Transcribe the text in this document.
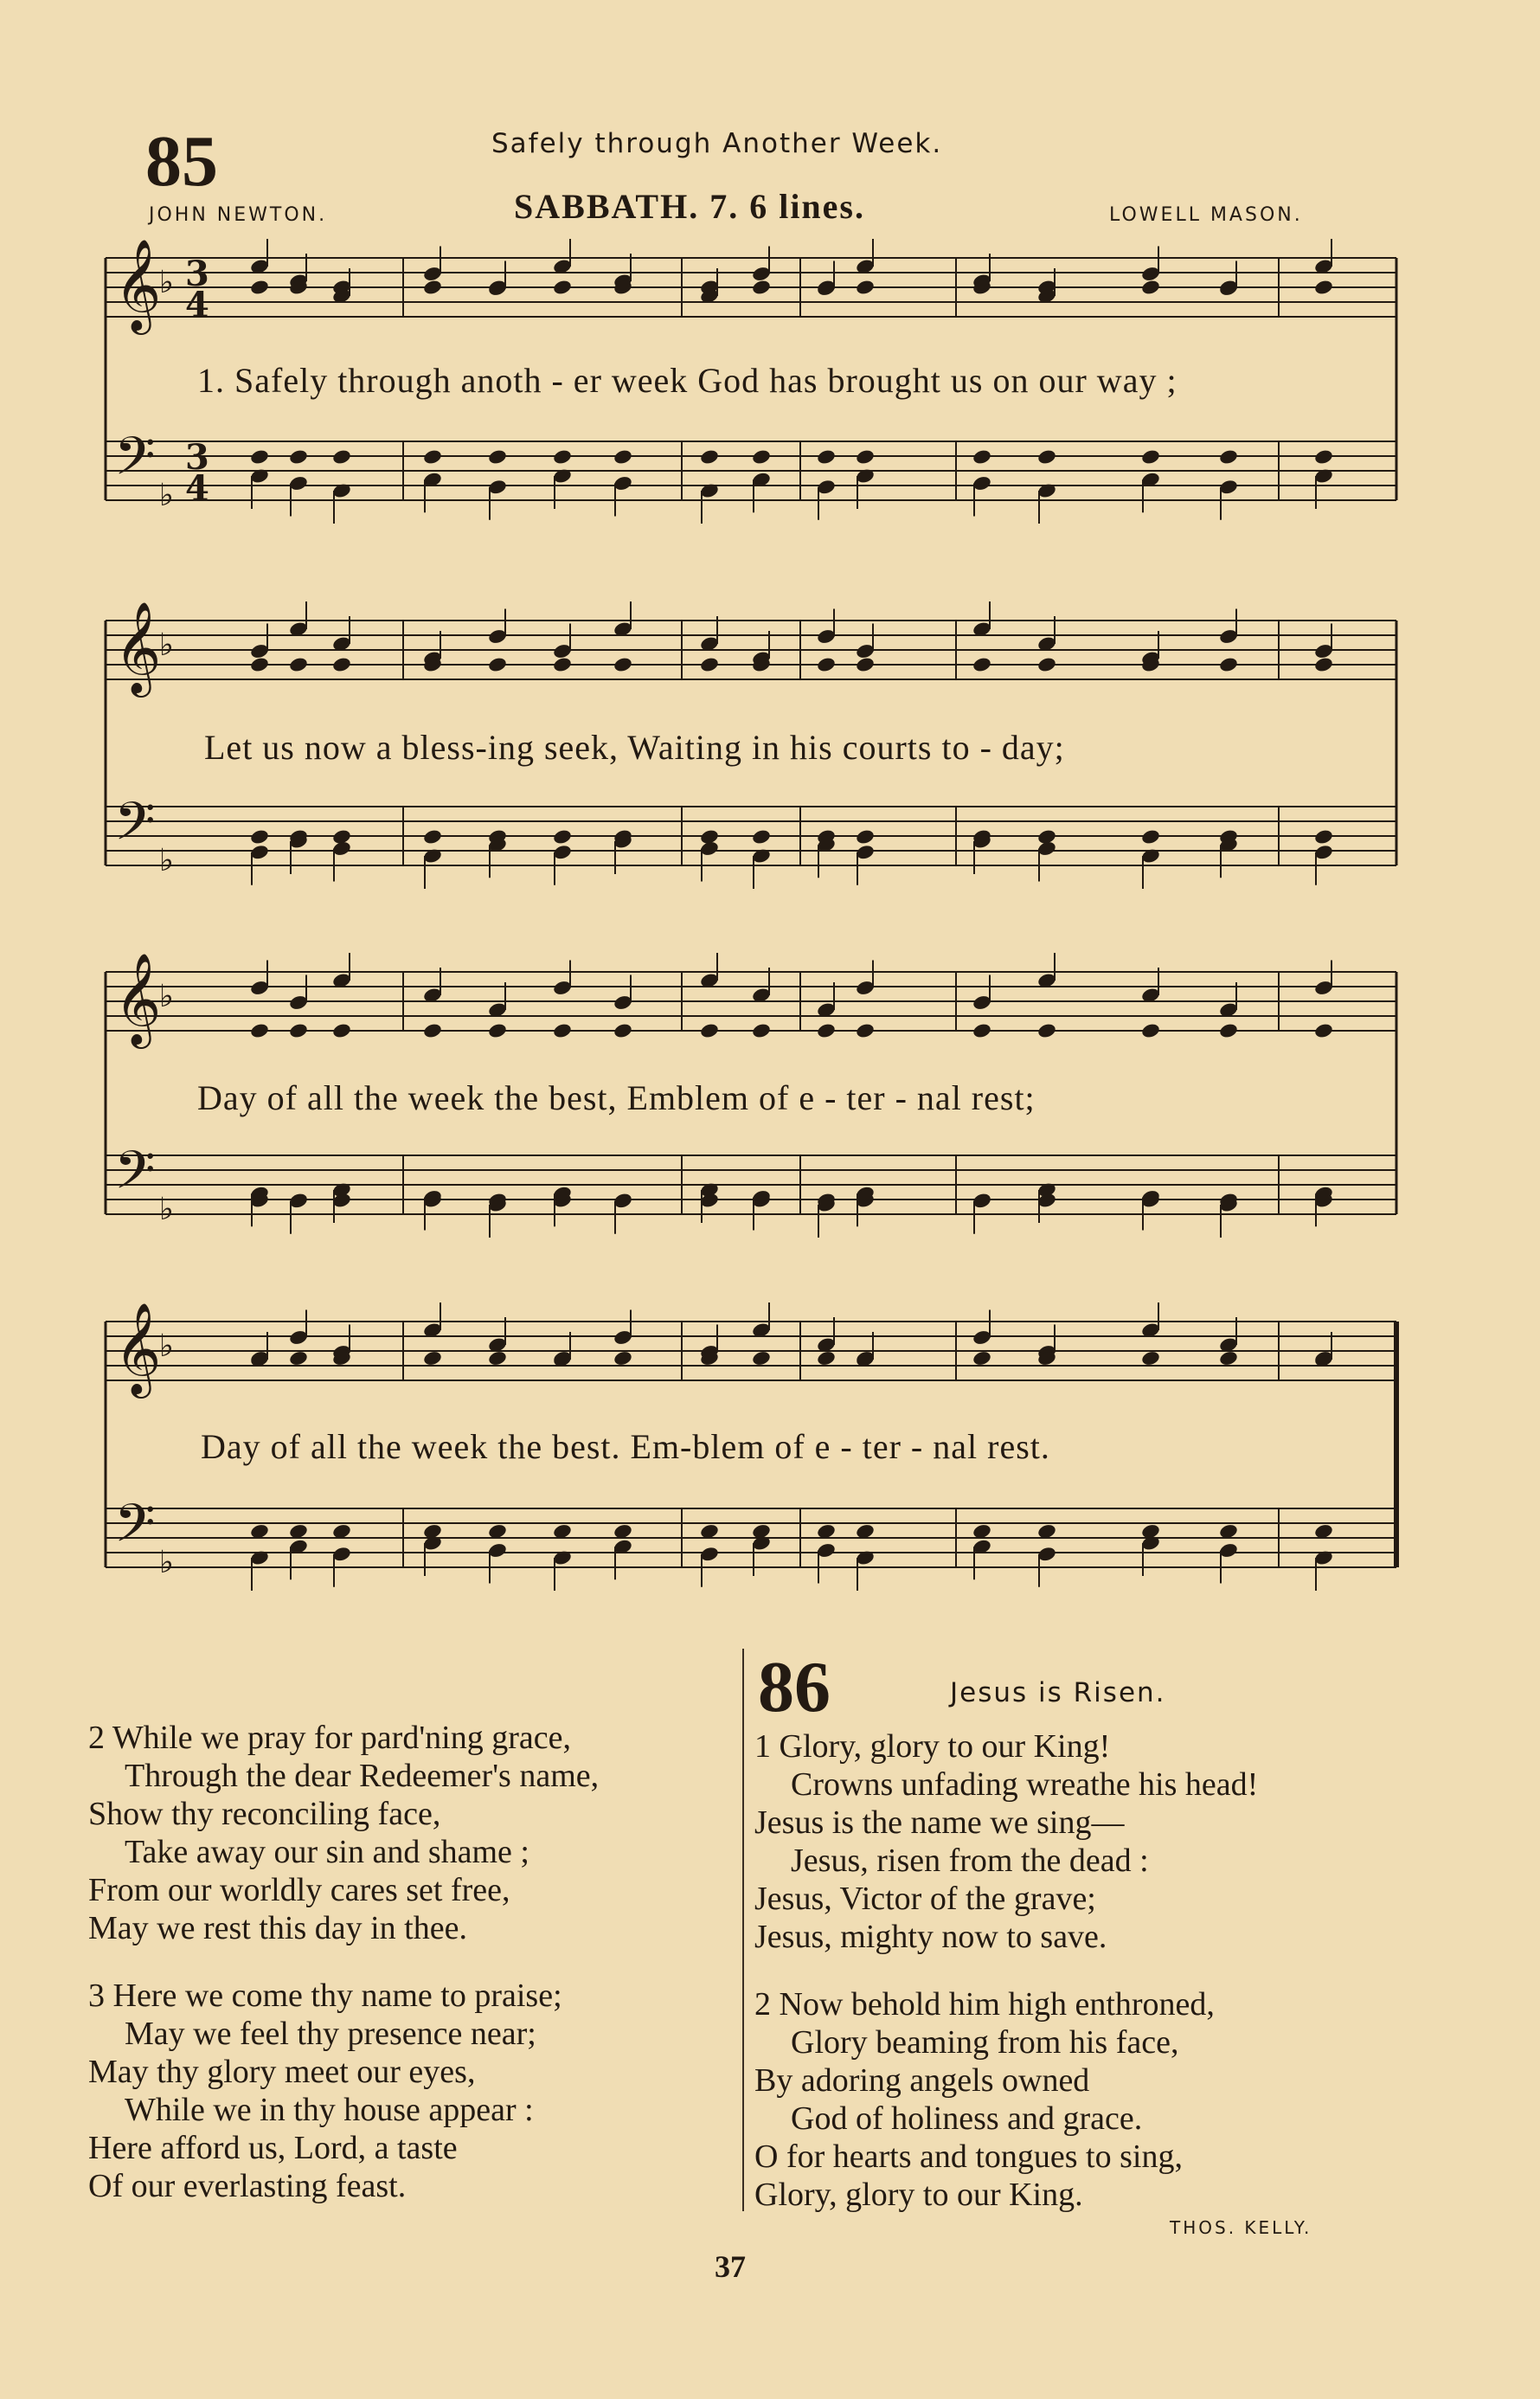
85	Safely through Another Week.
JOHN NEWTON.	SABBATH. 7. 6 lines.	LOWELL MASON.
𝄞
𝄢
♭
♭
3
4
3
4
𝄞
𝄢
♭
♭
𝄞
𝄢
♭
♭
𝄞
𝄢
♭
♭
1. Safely through anoth - er week God has brought us on our way ;
Let us now a bless-ing seek, Waiting in his courts to - day;
Day of all the week the best, Emblem of e - ter - nal rest;
Day of all the week the best. Em-blem of e - ter - nal rest.
2 While we pray for pard'ning grace,
Through the dear Redeemer's name,
Show thy reconciling face,
Take away our sin and shame ;
From our worldly cares set free,
May we rest this day in thee.
3 Here we come thy name to praise;
May we feel thy presence near;
May thy glory meet our eyes,
While we in thy house appear :
Here afford us, Lord, a taste
Of our everlasting feast.
86	Jesus is Risen.
1 Glory, glory to our King!
Crowns unfading wreathe his head!
Jesus is the name we sing—
Jesus, risen from the dead :
Jesus, Victor of the grave;
Jesus, mighty now to save.
2 Now behold him high enthroned,
Glory beaming from his face,
By adoring angels owned
God of holiness and grace.
O for hearts and tongues to sing,
Glory, glory to our King.
THOS. KELLY.
37
